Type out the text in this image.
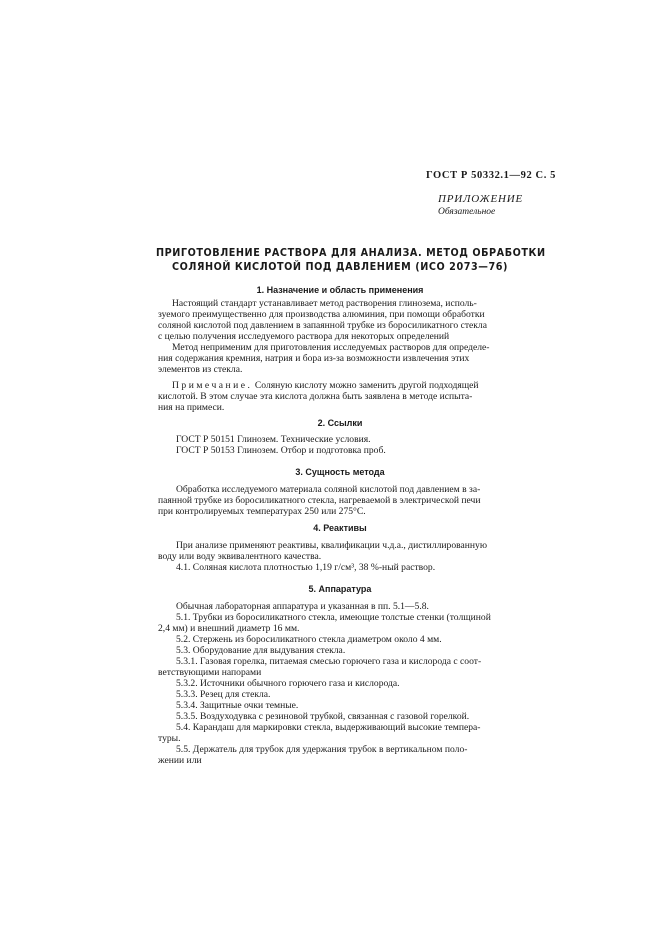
ГОСТ Р 50332.1—92 С. 5
ПРИЛОЖЕНИЕ
Обязательное
ПРИГОТОВЛЕНИЕ РАСТВОРА ДЛЯ АНАЛИЗА. МЕТОД ОБРАБОТКИ
СОЛЯНОЙ КИСЛОТОЙ ПОД ДАВЛЕНИЕМ (ИСО 2073—76)
1. Назначение и область применения
Настоящий стандарт устанавливает метод растворения глинозема, исполь-
зуемого преимущественно для производства алюминия, при помощи обработки
соляной кислотой под давлением в запаянной трубке из боросиликатного стекла
с целью получения исследуемого раствора для некоторых определений
Метод неприменим для приготовления исследуемых растворов для определе-
ния содержания кремния, натрия и бора из-за возможности извлечения этих
элементов из стекла.
Примечание. Соляную кислоту можно заменить другой подходящей
кислотой. В этом случае эта кислота должна быть заявлена в методе испыта-
ния на примеси.
2. Ссылки
ГОСТ Р 50151 Глинозем. Технические условия.
ГОСТ Р 50153 Глинозем. Отбор и подготовка проб.
3. Сущность метода
Обработка исследуемого материала соляной кислотой под давлением в за-
паянной трубке из боросиликатного стекла, нагреваемой в электрической печи
при контролируемых температурах 250 или 275°С.
4. Реактивы
При анализе применяют реактивы, квалификации ч.д.а., дистиллированную
воду или воду эквивалентного качества.
4.1. Соляная кислота плотностью 1,19 г/см³, 38 %-ный раствор.
5. Аппаратура
Обычная лабораторная аппаратура и указанная в пп. 5.1—5.8.
5.1. Трубки из боросиликатного стекла, имеющие толстые стенки (толщиной
2,4 мм) и внешний диаметр 16 мм.
5.2. Стержень из боросиликатного стекла диаметром около 4 мм.
5.3. Оборудование для выдувания стекла.
5.3.1. Газовая горелка, питаемая смесью горючего газа и кислорода с соот-
ветствующими напорами
5.3.2. Источники обычного горючего газа и кислорода.
5.3.3. Резец для стекла.
5.3.4. Защитные очки темные.
5.3.5. Воздуходувка с резиновой трубкой, связанная с газовой горелкой.
5.4. Карандаш для маркировки стекла, выдерживающий высокие темпера-
туры.
5.5. Держатель для трубок для удержания трубок в вертикальном поло-
жении или
